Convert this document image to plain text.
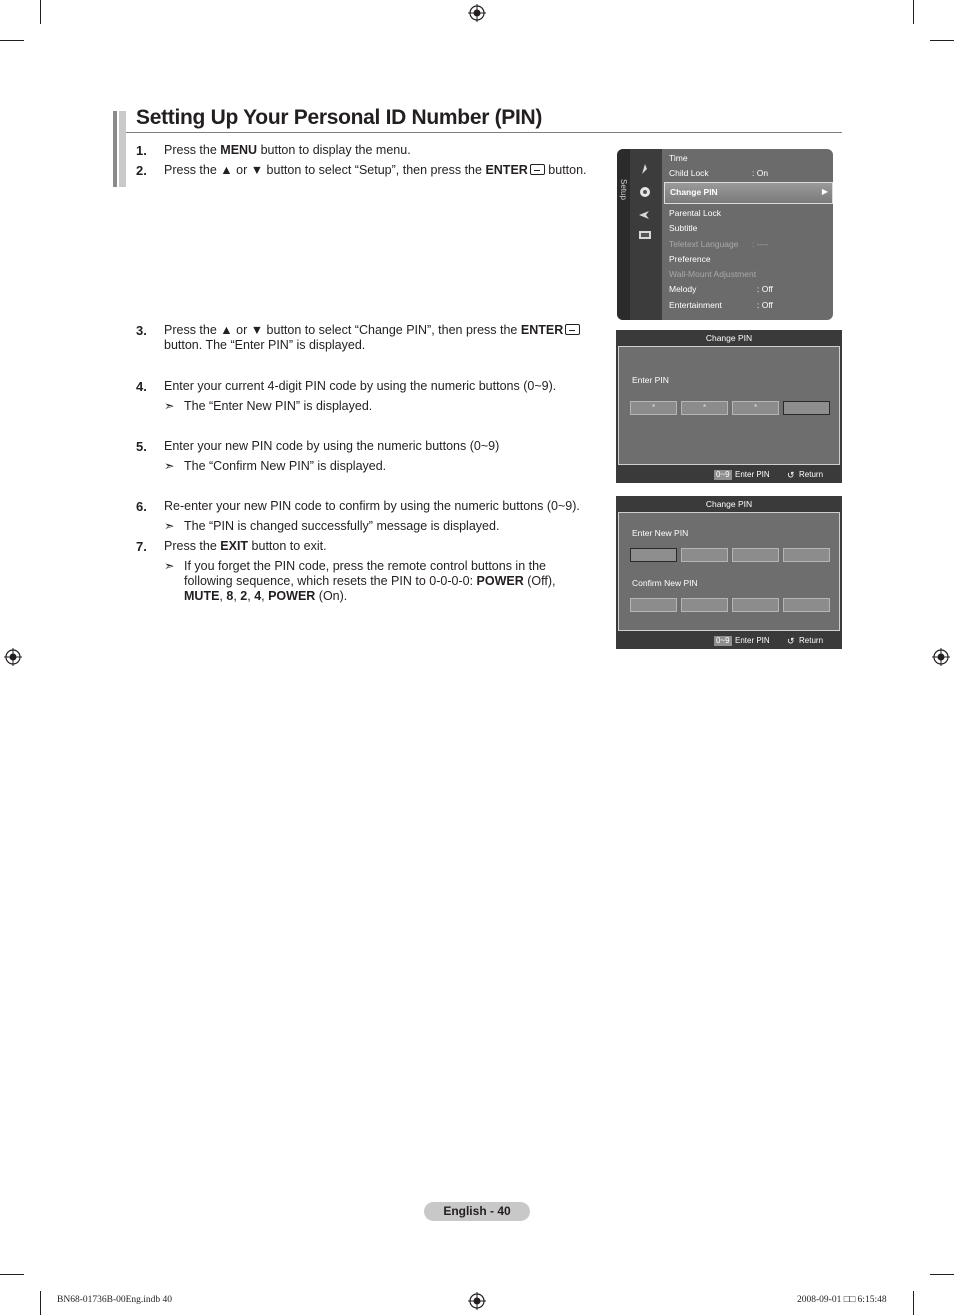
Setting Up Your Personal ID Number (PIN)
1. Press the MENU button to display the menu.
2. Press the ▲ or ▼ button to select “Setup”, then press the ENTER button.
3. Press the ▲ or ▼ button to select “Change PIN”, then press the ENTER button. The “Enter PIN” is displayed.
4. Enter your current 4-digit PIN code by using the numeric buttons (0~9).
➣ The “Enter New PIN” is displayed.
5. Enter your new PIN code by using the numeric buttons (0~9)
➣ The “Confirm New PIN” is displayed.
6. Re-enter your new PIN code to confirm by using the numeric buttons (0~9).
➣ The “PIN is changed successfully” message is displayed.
7. Press the EXIT button to exit.
➣ If you forget the PIN code, press the remote control buttons in the following sequence, which resets the PIN to 0-0-0-0: POWER (Off), MUTE, 8, 2, 4, POWER (On).
Setup
Time
Child Lock	: On
Change PIN	▶
Parental Lock
Subtitle
Teletext Language : ----
Preference
Wall-Mount Adjustment
Melody	: Off
Entertainment	: Off
Change PIN
Enter PIN
*	*	*
0~9 Enter PIN ↺ Return
Change PIN
Enter New PIN
Confirm New PIN
0~9 Enter PIN ↺ Return
English - 40
BN68-01736B-00Eng.indb 40	2008-09-01 □□ 6:15:48
